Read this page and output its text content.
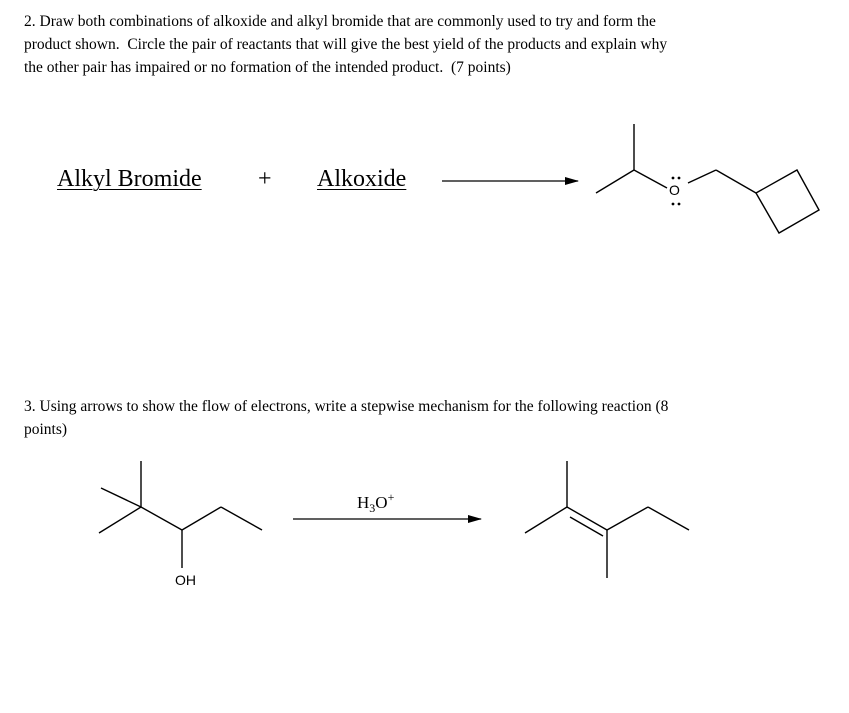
2. Draw both combinations of alkoxide and alkyl bromide that are commonly used to try and form the
product shown.  Circle the pair of reactants that will give the best yield of the products and explain why
the other pair has impaired or no formation of the intended product.  (7 points)

Alkyl Bromide + Alkoxide	O
OH
$H_3O^+$

3. Using arrows to show the flow of electrons, write a stepwise mechanism for the following reaction (8
points)
